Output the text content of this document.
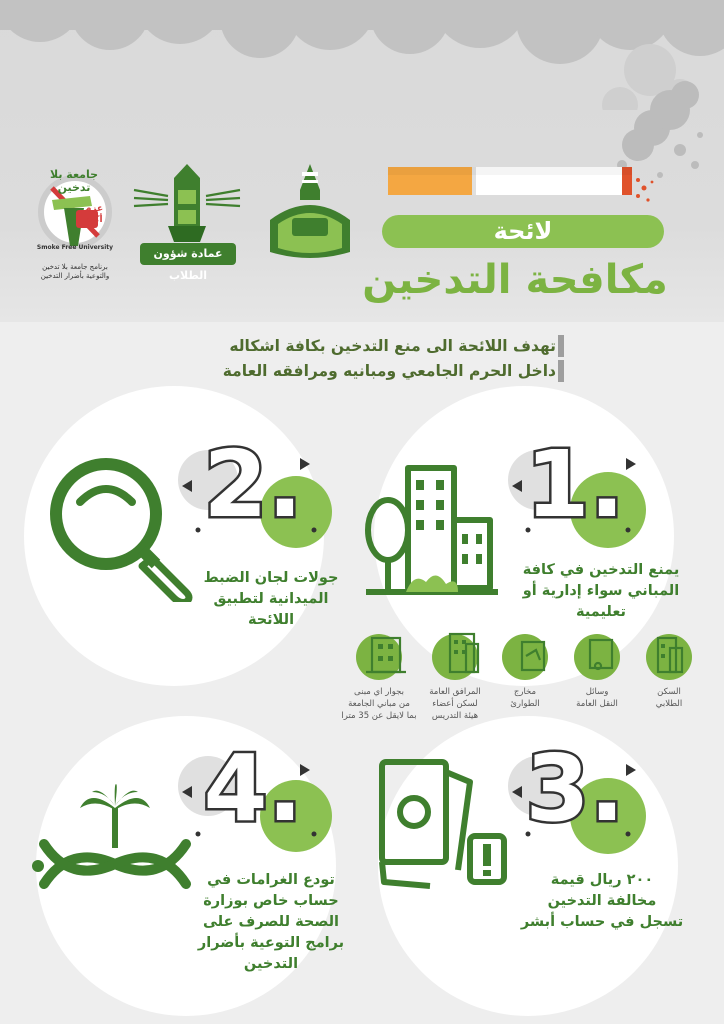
لائحة
مكافحة التدخين
عمادة شؤون الطلاب
جامعة بلا تدخين
عزم أكيد
Smoke Free University
برنامج جامعة بلا تدخين
والتوعية بأضرار التدخين
تهدف اللائحة الى منع التدخين بكافة اشكاله
داخل الحرم الجامعي ومبانيه ومرافقه العامة
1.
يمنع التدخين في كافة
المباني سواء إدارية أو
تعليمية
السكن
الطلابي
وسائل
النقل العامة
مخارج
الطوارئ
المرافق العامة
لسكن أعضاء
هيئة التدريس
بجوار اي مبنى
من مباني الجامعة
بما لايقل عن 35 مترا
2.
جولات لجان الضبط
الميدانية لتطبيق
اللائحة
3.
٢٠٠ ريال قيمة
مخالفة التدخين
تسجل في حساب أبشر
4.
تودع الغرامات في
حساب خاص بوزارة
الصحة للصرف على
برامج التوعية بأضرار
التدخين
